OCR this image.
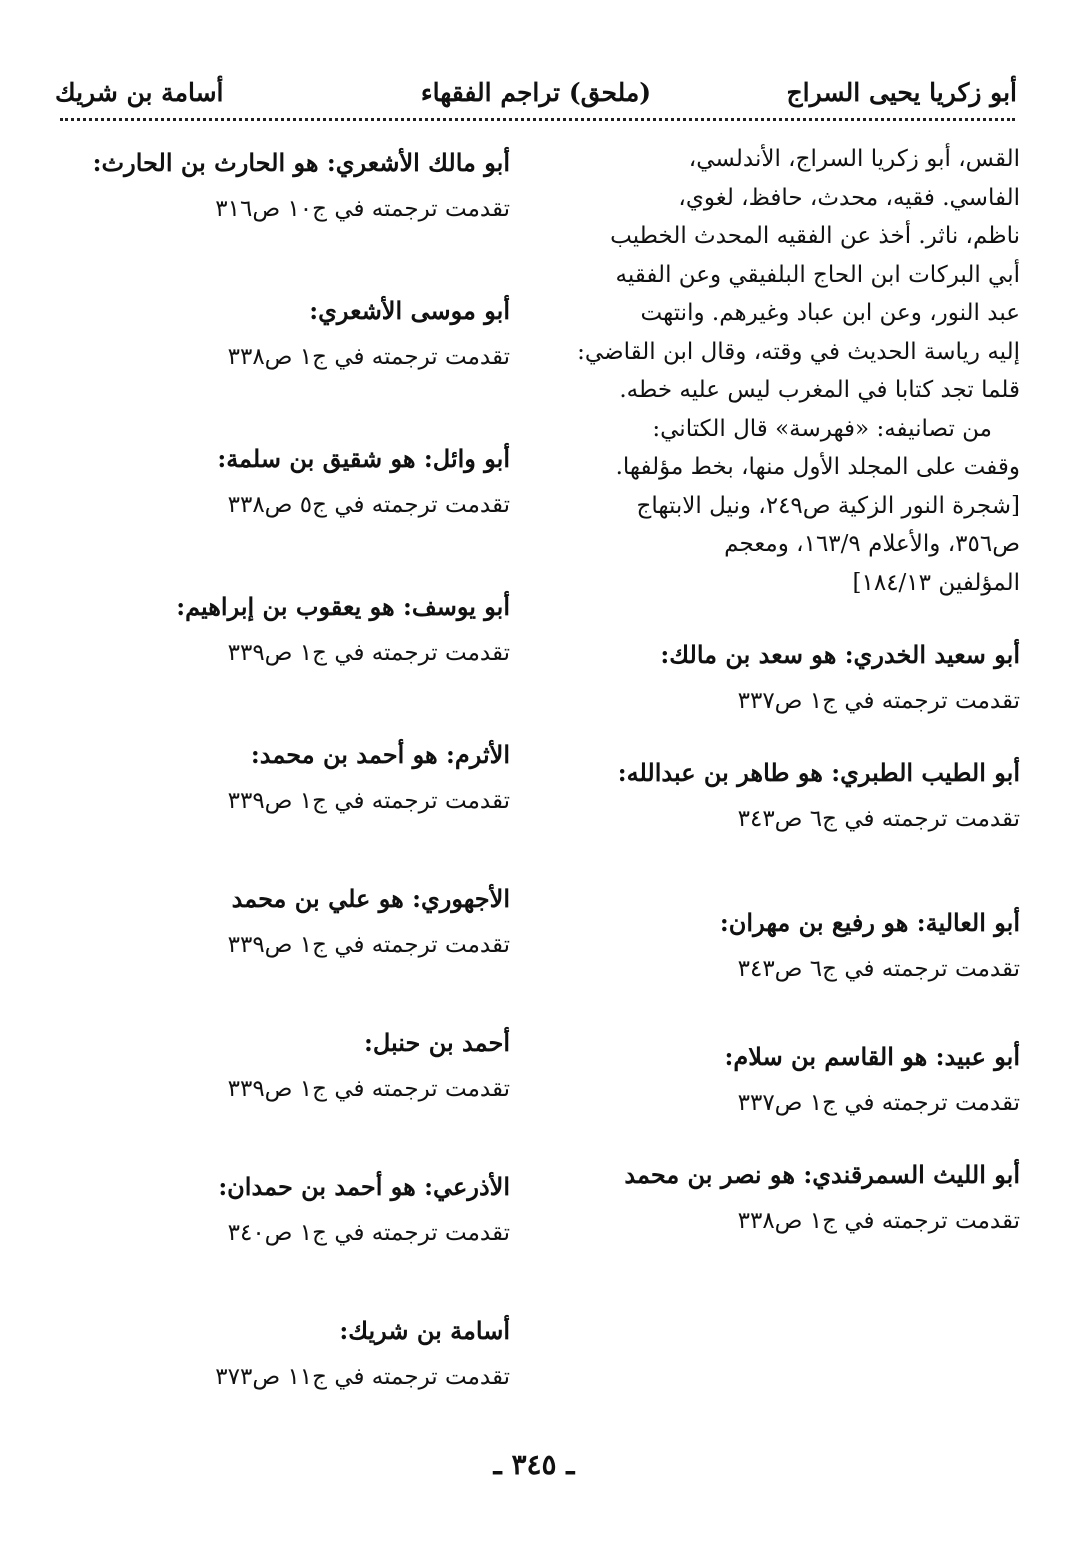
أبو زكريا يحيى السراج
(ملحق) تراجم الفقهاء
أسامة بن شريك

القس، أبو زكريا السراج، الأندلسي،

الفاسي. فقيه، محدث، حافظ، لغوي،

ناظم، ناثر. أخذ عن الفقيه المحدث الخطيب

أبي البركات ابن الحاج البلفيقي وعن الفقيه

عبد النور، وعن ابن عباد وغيرهم. وانتهت

إليه رياسة الحديث في وقته، وقال ابن القاضي:

قلما تجد كتابا في المغرب ليس عليه خطه.

من تصانيفه: «فهرسة» قال الكتاني:

وقفت على المجلد الأول منها، بخط مؤلفها.

[شجرة النور الزكية ص٢٤٩، ونيل الابتهاج

ص٣٥٦، والأعلام ١٦٣/٩، ومعجم

المؤلفين ١٨٤/١٣]

أبو سعيد الخدري: هو سعد بن مالك:
تقدمت ترجمته في ج١ ص٣٣٧
أبو الطيب الطبري: هو طاهر بن عبدالله:
تقدمت ترجمته في ج٦ ص٣٤٣
أبو العالية: هو رفيع بن مهران:
تقدمت ترجمته في ج٦ ص٣٤٣
أبو عبيد: هو القاسم بن سلام:
تقدمت ترجمته في ج١ ص٣٣٧
أبو الليث السمرقندي: هو نصر بن محمد
تقدمت ترجمته في ج١ ص٣٣٨
أبو مالك الأشعري: هو الحارث بن الحارث:
تقدمت ترجمته في ج١٠ ص٣١٦
أبو موسى الأشعري:
تقدمت ترجمته في ج١ ص٣٣٨
أبو وائل: هو شقيق بن سلمة:
تقدمت ترجمته في ج٥ ص٣٣٨
أبو يوسف: هو يعقوب بن إبراهيم:
تقدمت ترجمته في ج١ ص٣٣٩
الأثرم: هو أحمد بن محمد:
تقدمت ترجمته في ج١ ص٣٣٩
الأجهوري: هو علي بن محمد
تقدمت ترجمته في ج١ ص٣٣٩
أحمد بن حنبل:
تقدمت ترجمته في ج١ ص٣٣٩
الأذرعي: هو أحمد بن حمدان:
تقدمت ترجمته في ج١ ص٣٤٠
أسامة بن شريك:
تقدمت ترجمته في ج١١ ص٣٧٣
ـ ٣٤٥ ـ
